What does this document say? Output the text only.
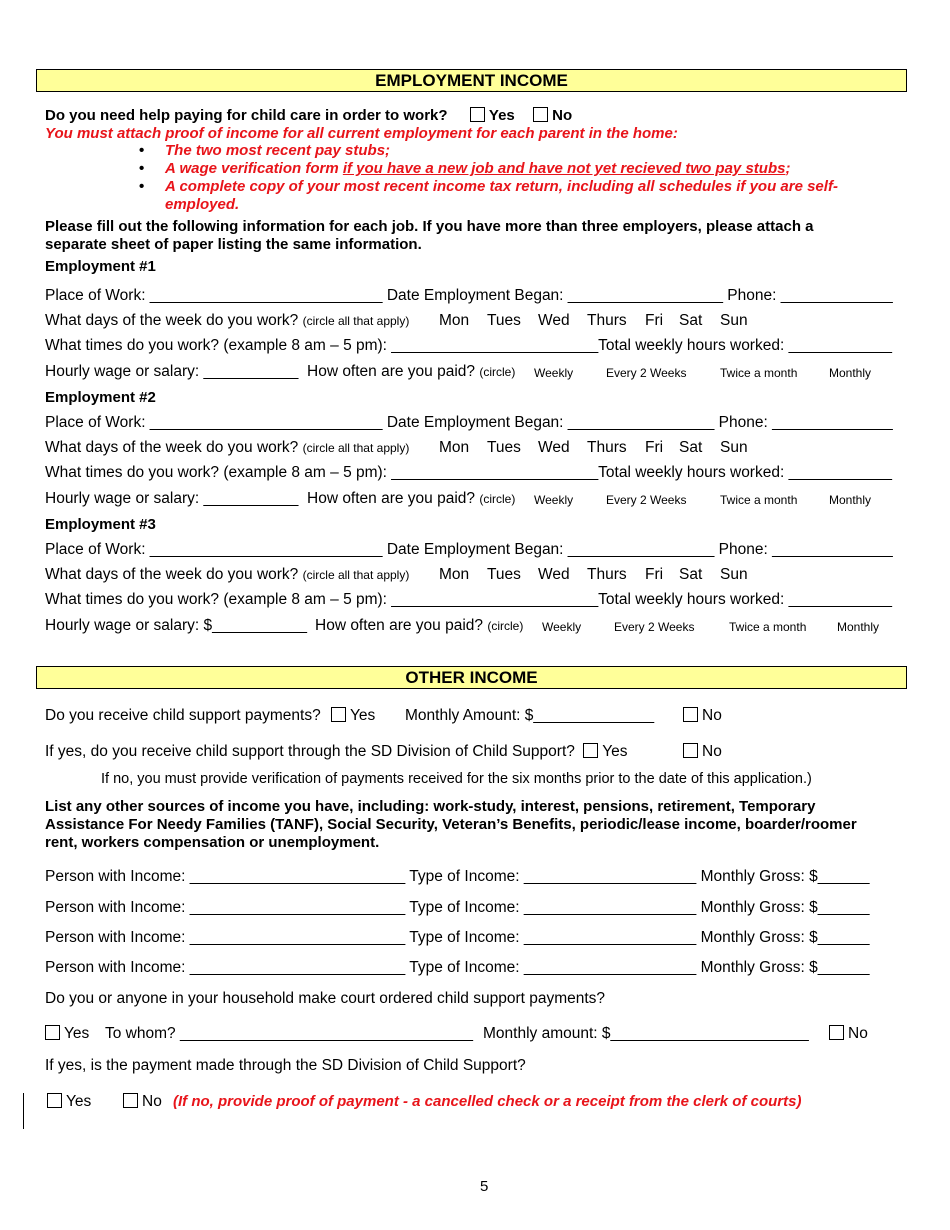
EMPLOYMENT INCOME
Do you need help paying for child care in order to work?	Yes No
You must attach proof of income for all current employment for each parent in the home:
• The two most recent pay stubs;
• A wage verification form if you have a new job and have not yet recieved two pay stubs;
• A complete copy of your most recent income tax return, including all schedules if you are self-employed.
Please fill out the following information for each job. If you have more than three employers, please attach a
separate sheet of paper listing the same information.
Employment #1
Place of Work: ___________________________ Date Employment Began: __________________ Phone: _____________
What days of the week do you work? (circle all that apply) Mon Tues Wed Thurs Fri Sat Sun
What times do you work? (example 8 am – 5 pm): ________________________Total weekly hours worked: ____________
Hourly wage or salary: ___________ How often are you paid? (circle) Weekly	Every 2 Weeks	Twice a month	Monthly
Employment #2
Place of Work: ___________________________ Date Employment Began: _________________ Phone: ______________
What days of the week do you work? (circle all that apply) Mon Tues Wed Thurs Fri Sat Sun
What times do you work? (example 8 am – 5 pm): ________________________Total weekly hours worked: ____________
Hourly wage or salary: ___________ How often are you paid? (circle) Weekly	Every 2 Weeks	Twice a month	Monthly
Employment #3
Place of Work: ___________________________ Date Employment Began: _________________ Phone: ______________
What days of the week do you work? (circle all that apply) Mon Tues Wed Thurs Fri Sat Sun
What times do you work? (example 8 am – 5 pm): ________________________Total weekly hours worked: ____________
Hourly wage or salary: $___________ How often are you paid? (circle) Weekly	Every 2 Weeks	Twice a month	Monthly
OTHER INCOME
Do you receive child support payments? Yes Monthly Amount: $______________	No
If yes, do you receive child support through the SD Division of Child Support? Yes	No
If no, you must provide verification of payments received for the six months prior to the date of this application.)
List any other sources of income you have, including: work-study, interest, pensions, retirement, Temporary
Assistance For Needy Families (TANF), Social Security, Veteran’s Benefits, periodic/lease income, boarder/roomer
rent, workers compensation or unemployment.
Person with Income: _________________________ Type of Income: ____________________ Monthly Gross: $______
Person with Income: _________________________ Type of Income: ____________________ Monthly Gross: $______
Person with Income: _________________________ Type of Income: ____________________ Monthly Gross: $______
Person with Income: _________________________ Type of Income: ____________________ Monthly Gross: $______
Do you or anyone in your household make court ordered child support payments?
Yes To whom? __________________________________ Monthly amount: $_______________________	No
If yes, is the payment made through the SD Division of Child Support?
Yes	No (If no, provide proof of payment - a cancelled check or a receipt from the clerk of courts)
5
